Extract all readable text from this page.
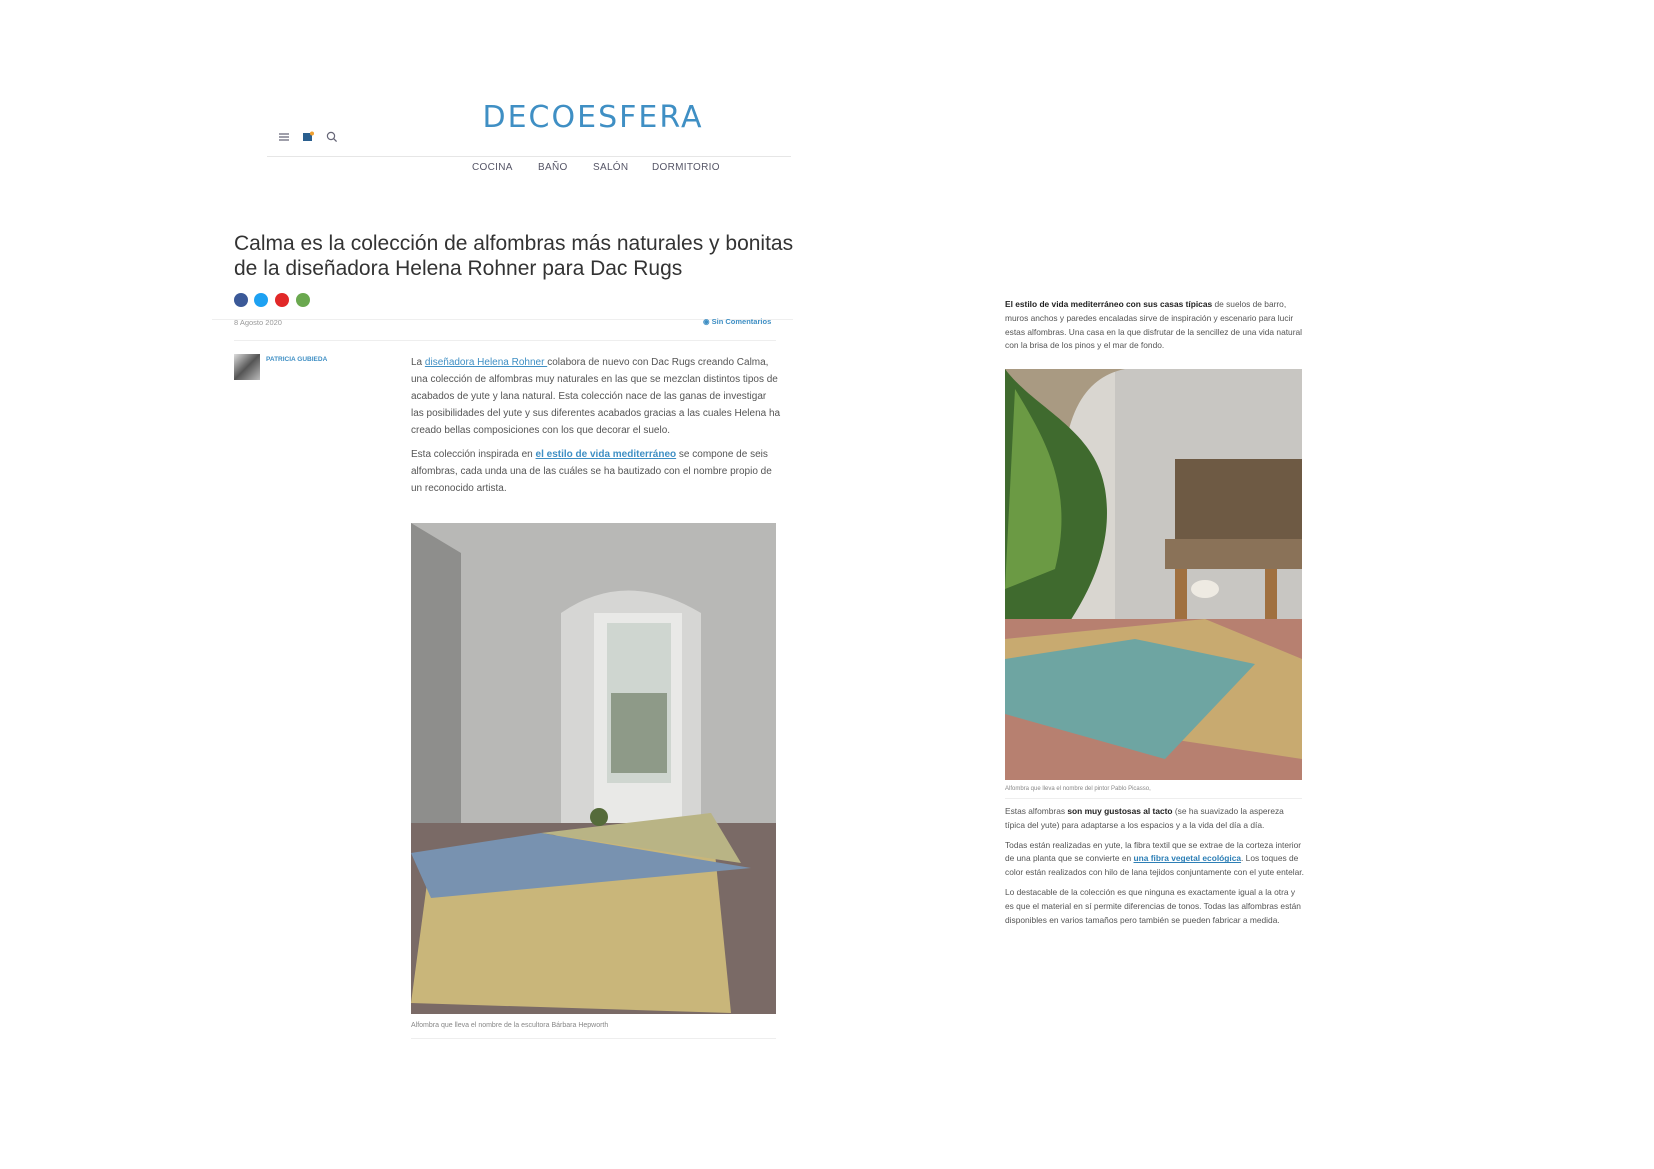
DECOESFERA
COCINA	BAÑO	SALÓN DORMITORIO
Calma es la colección de alfombras más naturales y bonitas de la diseñadora Helena Rohner para Dac Rugs
8 Agosto 2020	◉ Sin Comentarios
PATRICIA GUBIEDA	La diseñadora Helena Rohner colabora de nuevo con Dac Rugs creando Calma, una colección de alfombras muy naturales en las que se mezclan distintos tipos de acabados de yute y lana natural. Esta colección nace de las ganas de investigar las posibilidades del yute y sus diferentes acabados gracias a las cuales Helena ha creado bellas composiciones con los que decorar el suelo.

Esta colección inspirada en el estilo de vida mediterráneo se compone de seis alfombras, cada unda una de las cuáles se ha bautizado con el nombre propio de un reconocido artista.

Alfombra que lleva el nombre de la escultora Bárbara Hepworth

El estilo de vida mediterráneo con sus casas típicas de suelos de barro, muros anchos y paredes encaladas sirve de inspiración y escenario para lucir estas alfombras. Una casa en la que disfrutar de la sencillez de una vida natural con la brisa de los pinos y el mar de fondo.

Alfombra que lleva el nombre del pintor Pablo Picasso,

Estas alfombras son muy gustosas al tacto (se ha suavizado la aspereza típica del yute) para adaptarse a los espacios y a la vida del día a día.

Todas están realizadas en yute, la fibra textil que se extrae de la corteza interior de una planta que se convierte en una fibra vegetal ecológica. Los toques de color están realizados con hilo de lana tejidos conjuntamente con el yute entelar.

Lo destacable de la colección es que ninguna es exactamente igual a la otra y es que el material en sí permite diferencias de tonos. Todas las alfombras están disponibles en varios tamaños pero también se pueden fabricar a medida.
